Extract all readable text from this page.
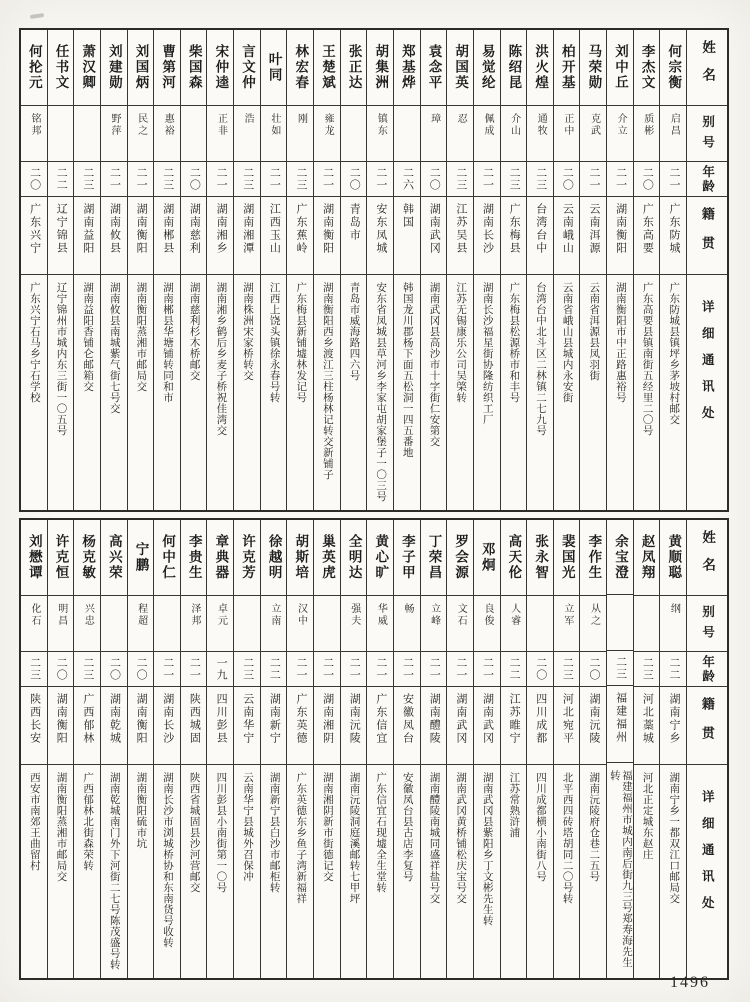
姓名
别号
年龄
籍贯
详细通讯处
何宗衡
启昌
二一
广东防城
广东防城县镇坪乡茅坡村邮交
李杰文
质彬
二〇
广东高要
广东高要县镇南街五经里二〇号
刘中丘
介立
二一
湖南衡阳
湖南衡阳市中正路惠裕号
马荣勋
克武
二一
云南洱源
云南省洱源县凤羽街
柏开基
正中
二〇
云南峨山
云南省峨山县城内永安街
洪火煌
通牧
二三
台湾台中
台湾台中北斗区二林镇二七九号
陈绍昆
介山
二三
广东梅县
广东梅县松源桥市和丰号
易觉纶
佩成
二一
湖南长沙
湖南长沙福星街协隆纺织工厂
胡国英
忍
二三
江苏吴县
江苏无锡康乐公司吴棨转
袁念平
璋
二〇
湖南武冈
湖南武冈县高沙市十字街仁安第交
郑基烨
二六
韩国
韩国龙川郡杨下面五松洞一四五番地
胡集洲
镇东
二一
安东凤城
安东省凤城县草河乡李家屯胡家堡子一〇三号
张正达
二〇
青岛市
青岛市威海路四六号
王楚斌
雍龙
二一
湖南衡阳
湖南衡阳西乡渡江三柱杨林记转交新铺子
林宏春
刚
二三
广东蕉岭
广东梅县新铺墟林发记号
叶同
壮如
二一
江西玉山
江西上饶头镇徐永春号转
言文仲
浩
二三
湖南湘潭
湖南株洲宋家桥转交
宋仲逵
正非
二一
湖南湘乡
湖南湘乡鹤后乡麦子桥祝佳湾交
柴国森
二〇
湖南慈利
湖南慈利杉木桥邮交
曹第河
惠裕
二三
湖南郴县
湖南郴县华塘铺转同和市
刘国炳
民之
二一
湖南衡阳
湖南衡阳蒸湘市邮局交
刘建勋
野萍
二一
湖南攸县
湖南攸县南城紫气街七号交
萧汉卿
二三
湖南益阳
湖南益阳香铺仑邮箱交
任书文
二二
辽宁锦县
辽宁锦州市城内东三街一〇五号
何抡元
铭邦
二〇
广东兴宁
广东兴宁石马乡宁石学校
姓名
别号
年龄
籍贯
详细通讯处
黄顺聪
纲
二二
湖南宁乡
湖南宁乡一都双江口邮局交
赵凤翔
二三
河北藁城
河北正定城东赵庄
余宝澄
二三
福建福州
福建福州市城内南后街九三号郑寿海先生转
李作生
从之
二〇
湖南沅陵
湖南沅陵府仓巷二五号
裴国光
立军
二三
河北宛平
北平西四砖塔胡同二〇号转
张永智
二〇
四川成都
四川成都横小南街八号
高天伦
人睿
二二
江苏睢宁
江苏常熟浒浦
邓炯
良俊
二一
湖南武冈
湖南武冈县紫阳乡丁文彬先生转
罗会源
文石
二一
湖南武冈
湖南武冈黄桥铺松庆宝号交
丁荣昌
立峰
二一
湖南醴陵
湖南醴陵南城同盛祥盐号交
李子甲
畅
二一
安徽凤台
安徽凤台县古店李复号
黄心旷
华威
二一
广东信宜
广东信宜石现墟全生堂转
全明达
强夫
二一
湖南沅陵
湖南沅陵洞庭溪邮转七甲坪
巢英虎
二一
湖南湘阴
湖南湘阴新市街德记交
胡斯培
汉中
二一
广东英德
广东英德东乡鱼子湾新福祥
徐越明
立南
二二
湖南新宁
湖南新宁县白沙市邮柜转
许克芳
二三
云南华宁
云南华宁县城外召保冲
章典器
卓元
一九
四川彭县
四川彭县小南街第一〇号
李贵生
泽邦
二一
陕西城固
陕西省城固县沙河营邮交
何中仁
二一
湖南长沙
湖南长沙市浏城桥协和东南货号收转
宁鹏
程超
二〇
湖南衡阳
湖南衡阳硫市坑
高兴荣
二〇
湖南乾城
湖南乾城南门外下河街二七号陈茂盛号转
杨克敏
兴忠
二三
广西郁林
广西郁林北街森荣转
许克恒
明昌
二〇
湖南衡阳
湖南衡阳蒸湘市邮局交
刘懋谭
化石
二三
陕西长安
西安市南郊王曲留村
1496
